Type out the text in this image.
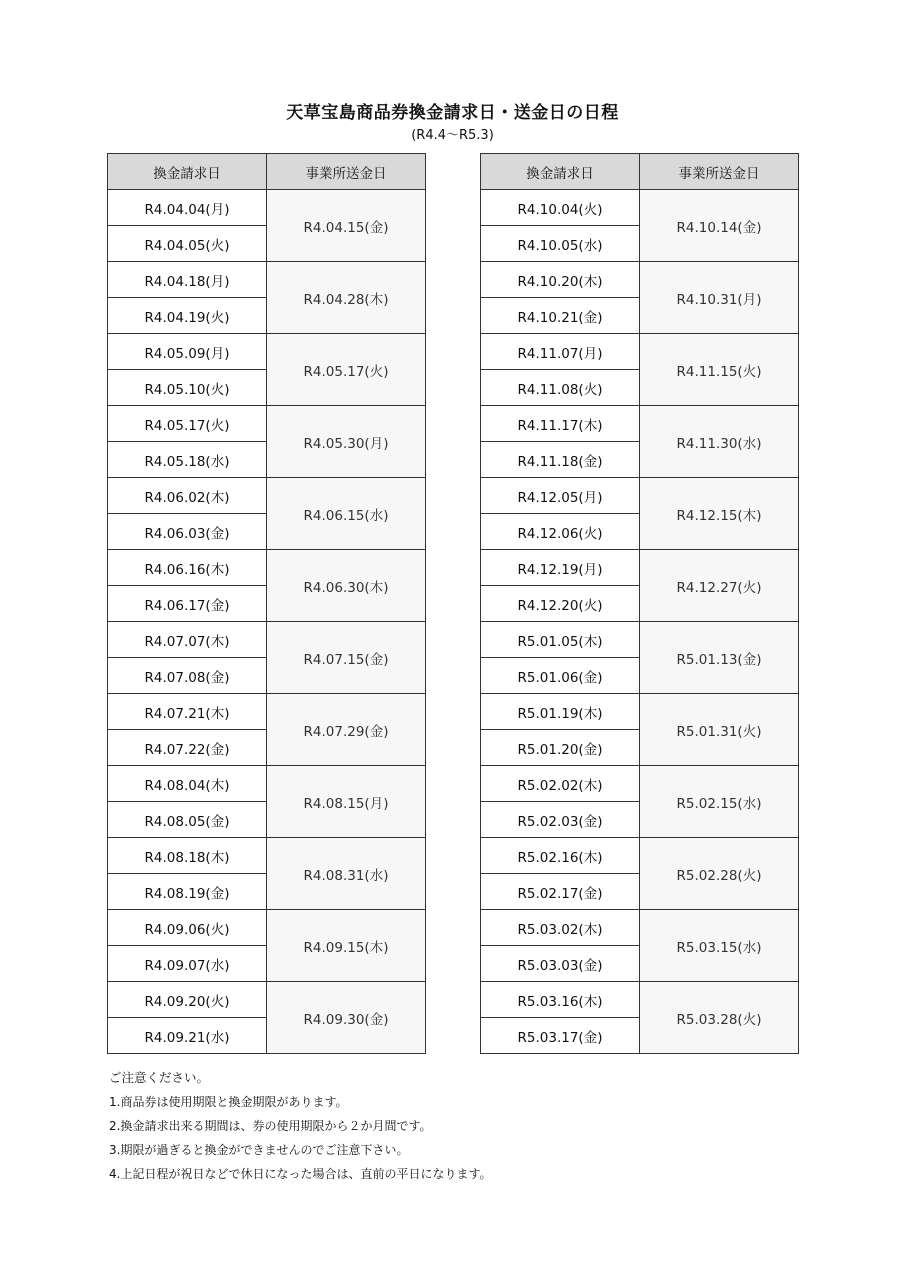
天草宝島商品券換金請求日・送金日の日程
(R4.4～R5.3)
換金請求日	事業所送金日
R4.04.04(月)	R4.04.15(金)
R4.04.05(火)	
R4.04.18(月)	R4.04.28(木)
R4.04.19(火)	
R4.05.09(月)	R4.05.17(火)
R4.05.10(火)	
R4.05.17(火)	R4.05.30(月)
R4.05.18(水)	
R4.06.02(木)	R4.06.15(水)
R4.06.03(金)	
R4.06.16(木)	R4.06.30(木)
R4.06.17(金)	
R4.07.07(木)	R4.07.15(金)
R4.07.08(金)	
R4.07.21(木)	R4.07.29(金)
R4.07.22(金)	
R4.08.04(木)	R4.08.15(月)
R4.08.05(金)	
R4.08.18(木)	R4.08.31(水)
R4.08.19(金)	
R4.09.06(火)	R4.09.15(木)
R4.09.07(水)	
R4.09.20(火)	R4.09.30(金)
R4.09.21(水)	
換金請求日	事業所送金日
R4.10.04(火)	R4.10.14(金)
R4.10.05(水)	
R4.10.20(木)	R4.10.31(月)
R4.10.21(金)	
R4.11.07(月)	R4.11.15(火)
R4.11.08(火)	
R4.11.17(木)	R4.11.30(水)
R4.11.18(金)	
R4.12.05(月)	R4.12.15(木)
R4.12.06(火)	
R4.12.19(月)	R4.12.27(火)
R4.12.20(火)	
R5.01.05(木)	R5.01.13(金)
R5.01.06(金)	
R5.01.19(木)	R5.01.31(火)
R5.01.20(金)	
R5.02.02(木)	R5.02.15(水)
R5.02.03(金)	
R5.02.16(木)	R5.02.28(火)
R5.02.17(金)	
R5.03.02(木)	R5.03.15(水)
R5.03.03(金)	
R5.03.16(木)	R5.03.28(火)
R5.03.17(金)	
ご注意ください。
1.商品券は使用期限と換金期限があります。
2.換金請求出来る期間は、券の使用期限から２か月間です。
3.期限が過ぎると換金ができませんのでご注意下さい。
4.上記日程が祝日などで休日になった場合は、直前の平日になります。
